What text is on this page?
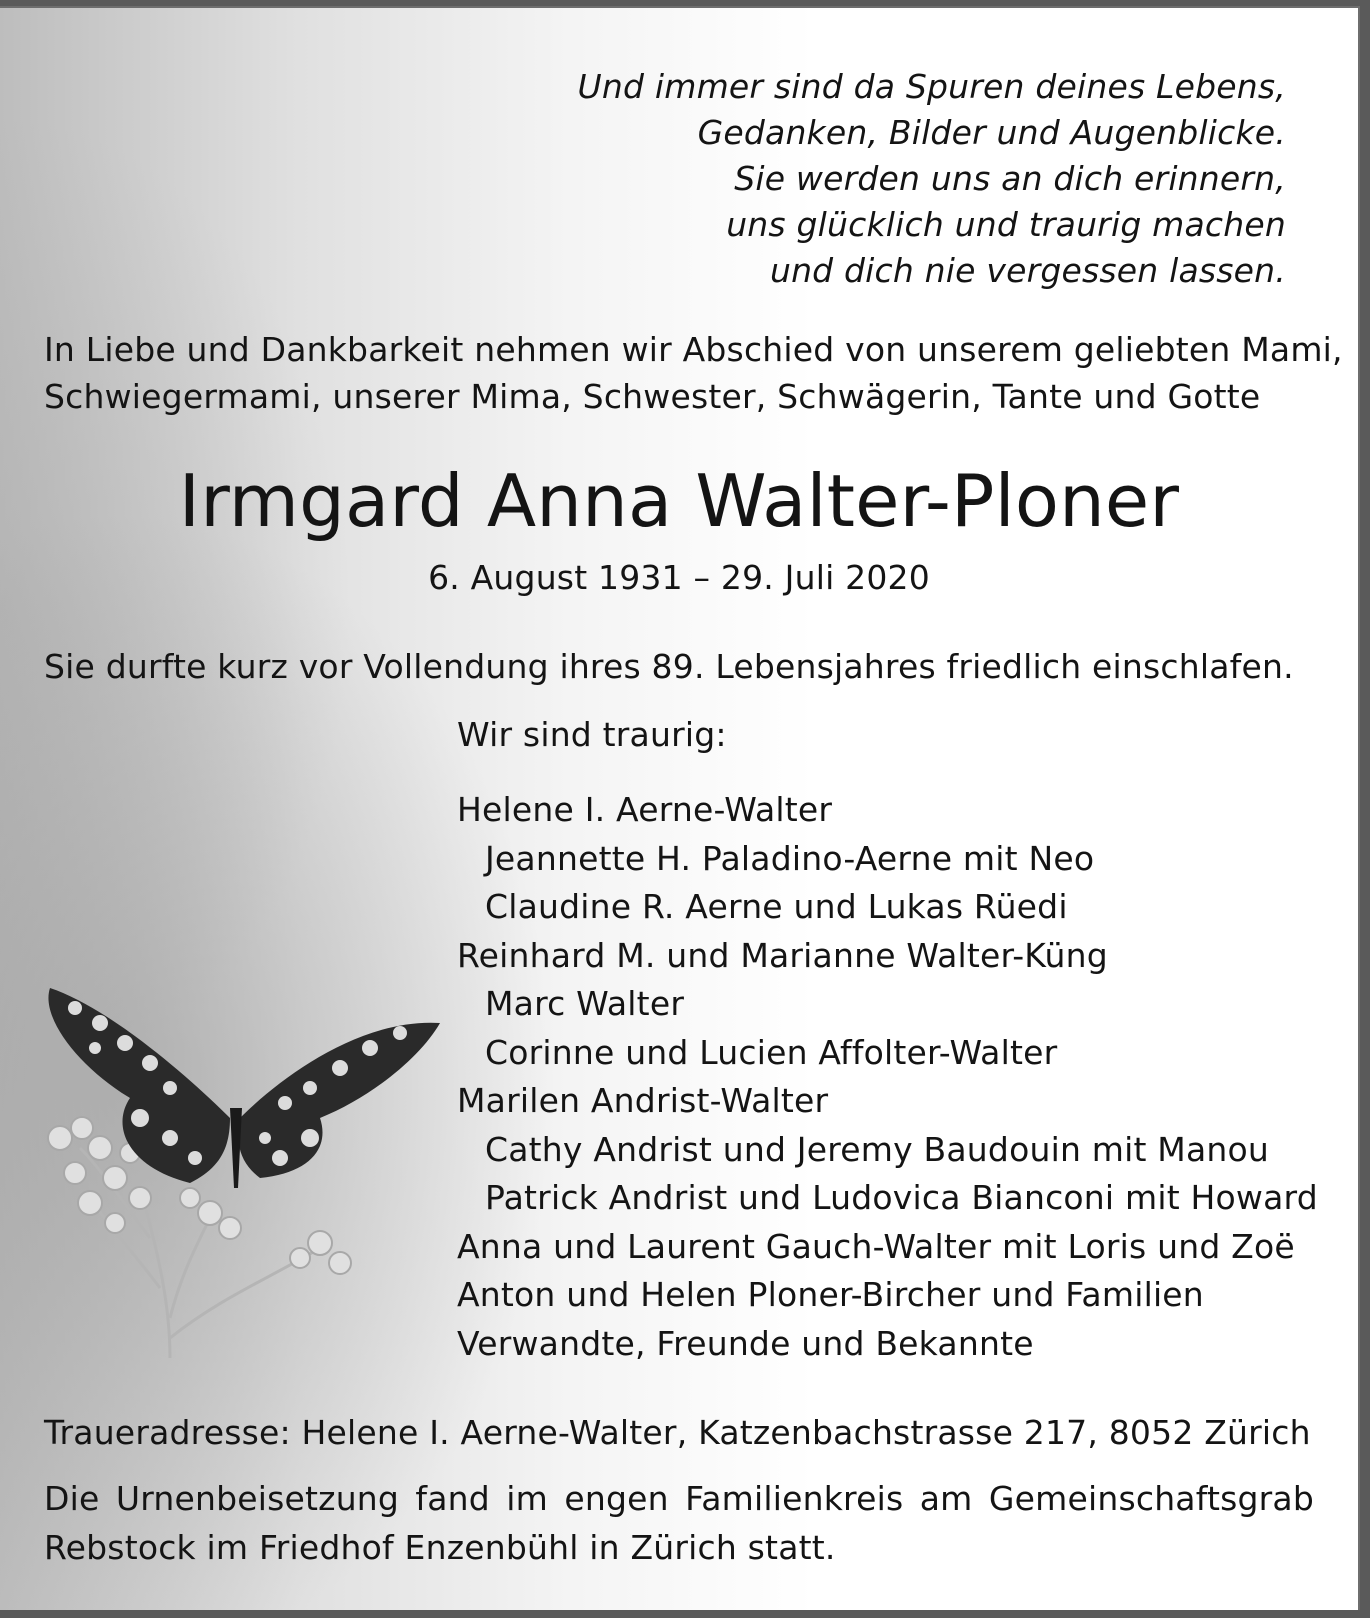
Und immer sind da Spuren deines Lebens,
Gedanken, Bilder und Augenblicke.
Sie werden uns an dich erinnern,
uns glücklich und traurig machen
und dich nie vergessen lassen.
In Liebe und Dankbarkeit nehmen wir Abschied von unserem geliebten Mami,
Schwiegermami, unserer Mima, Schwester, Schwägerin, Tante und Gotte
Irmgard Anna Walter-Ploner
6. August 1931 – 29. Juli 2020
Sie durfte kurz vor Vollendung ihres 89. Lebensjahres friedlich einschlafen.
Wir sind traurig:
Helene I. Aerne-Walter
Jeannette H. Paladino-Aerne mit Neo
Claudine R. Aerne und Lukas Rüedi
Reinhard M. und Marianne Walter-Küng
Marc Walter
Corinne und Lucien Affolter-Walter
Marilen Andrist-Walter
Cathy Andrist und Jeremy Baudouin mit Manou
Patrick Andrist und Ludovica Bianconi mit Howard
Anna und Laurent Gauch-Walter mit Loris und Zoë
Anton und Helen Ploner-Bircher und Familien
Verwandte, Freunde und Bekannte
Traueradresse: Helene I. Aerne-Walter, Katzenbachstrasse 217, 8052 Zürich
Die Urnenbeisetzung fand im engen Familienkreis am Gemeinschaftsgrab
Rebstock im Friedhof Enzenbühl in Zürich statt.
